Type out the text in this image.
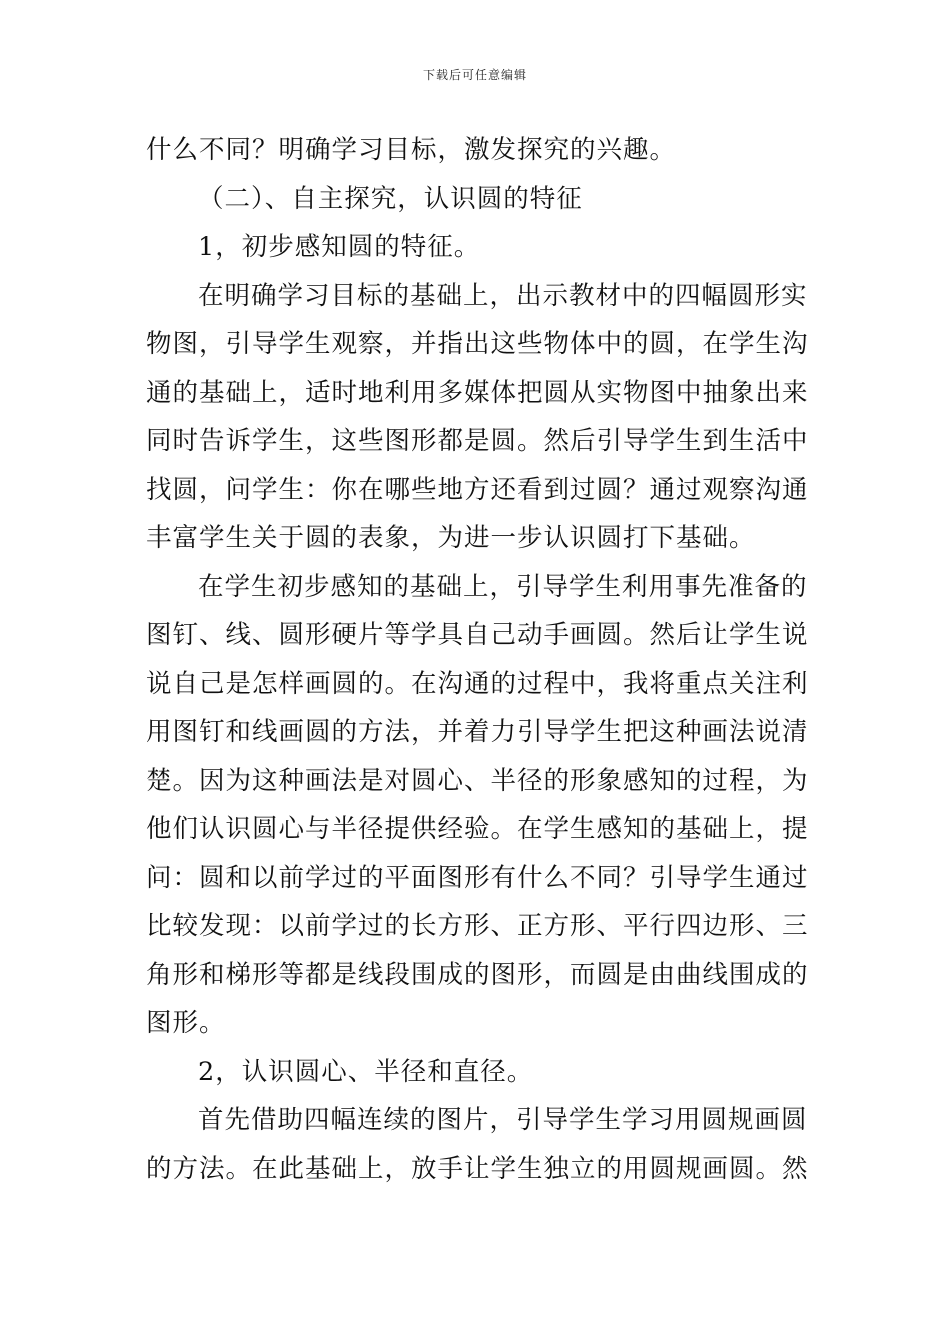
下载后可任意编辑
什么不同？明确学习目标，激发探究的兴趣。
（二）、自主探究，认识圆的特征
1，初步感知圆的特征。
在明确学习目标的基础上，出示教材中的四幅圆形实
物图，引导学生观察，并指出这些物体中的圆，在学生沟
通的基础上，适时地利用多媒体把圆从实物图中抽象出来
同时告诉学生，这些图形都是圆。然后引导学生到生活中
找圆，问学生：你在哪些地方还看到过圆？通过观察沟通
丰富学生关于圆的表象，为进一步认识圆打下基础。
在学生初步感知的基础上，引导学生利用事先准备的
图钉、线、圆形硬片等学具自己动手画圆。然后让学生说
说自己是怎样画圆的。在沟通的过程中，我将重点关注利
用图钉和线画圆的方法，并着力引导学生把这种画法说清
楚。因为这种画法是对圆心、半径的形象感知的过程，为
他们认识圆心与半径提供经验。在学生感知的基础上，提
问：圆和以前学过的平面图形有什么不同？引导学生通过
比较发现：以前学过的长方形、正方形、平行四边形、三
角形和梯形等都是线段围成的图形，而圆是由曲线围成的
图形。
2，认识圆心、半径和直径。
首先借助四幅连续的图片，引导学生学习用圆规画圆
的方法。在此基础上，放手让学生独立的用圆规画圆。然
